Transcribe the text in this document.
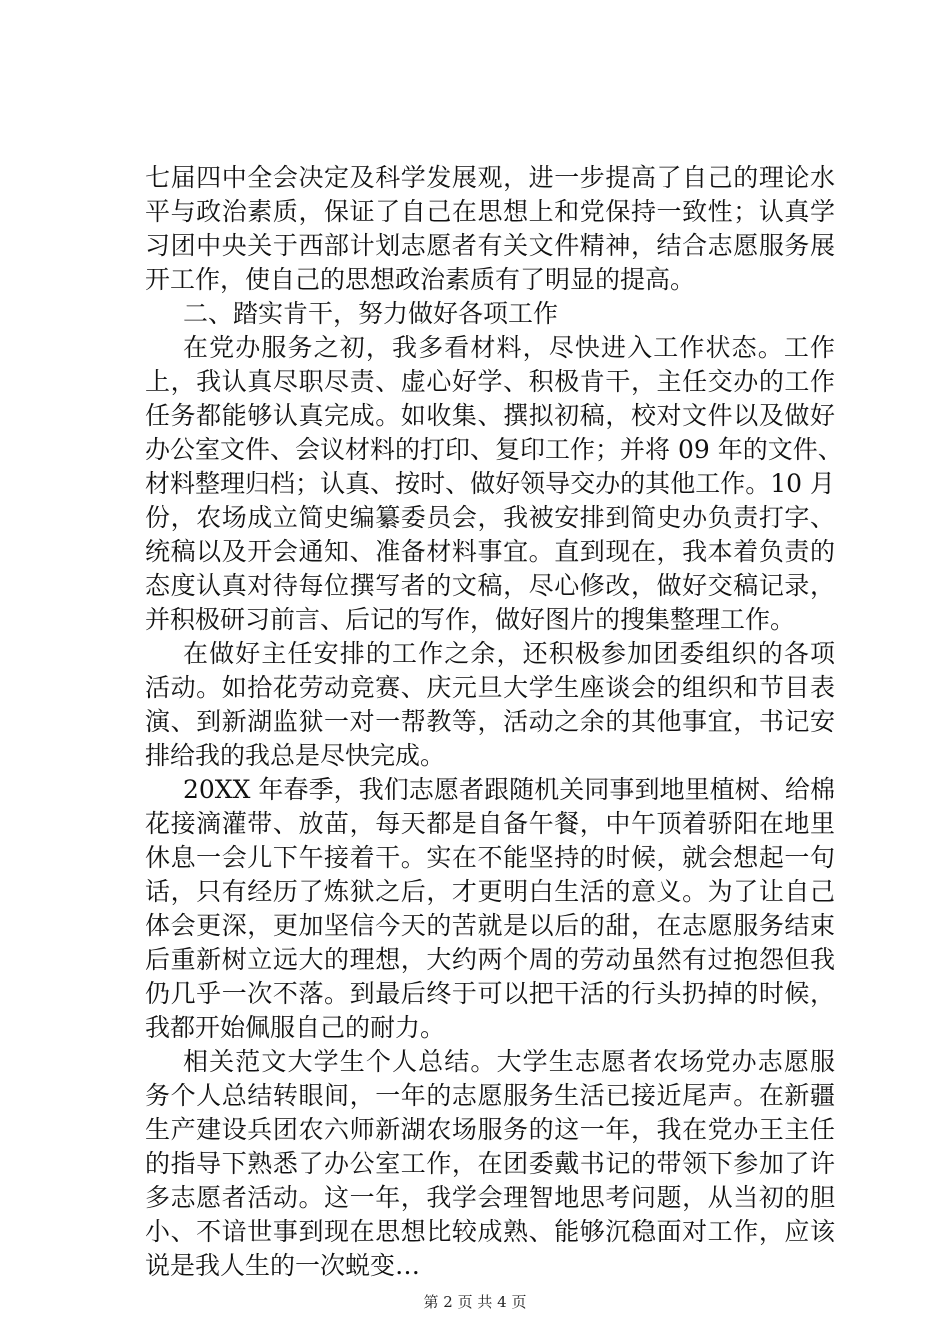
七届四中全会决定及科学发展观，进一步提高了自己的理论水
平与政治素质，保证了自己在思想上和党保持一致性；认真学
习团中央关于西部计划志愿者有关文件精神，结合志愿服务展
开工作，使自己的思想政治素质有了明显的提高。
二、踏实肯干，努力做好各项工作
在党办服务之初，我多看材料，尽快进入工作状态。工作
上，我认真尽职尽责、虚心好学、积极肯干，主任交办的工作
任务都能够认真完成。如收集、撰拟初稿，校对文件以及做好
办公室文件、会议材料的打印、复印工作；并将 09 年的文件、
材料整理归档；认真、按时、做好领导交办的其他工作。10 月
份，农场成立简史编纂委员会，我被安排到简史办负责打字、
统稿以及开会通知、准备材料事宜。直到现在，我本着负责的
态度认真对待每位撰写者的文稿，尽心修改，做好交稿记录，
并积极研习前言、后记的写作，做好图片的搜集整理工作。
在做好主任安排的工作之余，还积极参加团委组织的各项
活动。如拾花劳动竞赛、庆元旦大学生座谈会的组织和节目表
演、到新湖监狱一对一帮教等，活动之余的其他事宜，书记安
排给我的我总是尽快完成。
20XX 年春季，我们志愿者跟随机关同事到地里植树、给棉
花接滴灌带、放苗，每天都是自备午餐，中午顶着骄阳在地里
休息一会儿下午接着干。实在不能坚持的时候，就会想起一句
话，只有经历了炼狱之后，才更明白生活的意义。为了让自己
体会更深，更加坚信今天的苦就是以后的甜，在志愿服务结束
后重新树立远大的理想，大约两个周的劳动虽然有过抱怨但我
仍几乎一次不落。到最后终于可以把干活的行头扔掉的时候，
我都开始佩服自己的耐力。
相关范文大学生个人总结。大学生志愿者农场党办志愿服
务个人总结转眼间，一年的志愿服务生活已接近尾声。在新疆
生产建设兵团农六师新湖农场服务的这一年，我在党办王主任
的指导下熟悉了办公室工作，在团委戴书记的带领下参加了许
多志愿者活动。这一年，我学会理智地思考问题，从当初的胆
小、不谙世事到现在思想比较成熟、能够沉稳面对工作，应该
说是我人生的一次蜕变…
第 2 页 共 4 页
